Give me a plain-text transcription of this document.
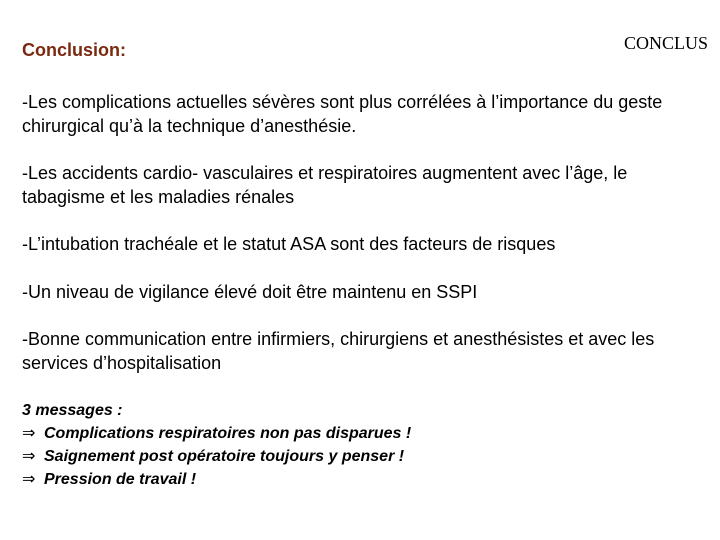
Conclusion:	CONCLUS

-Les complications actuelles sévères sont plus corrélées à l’importance du geste chirurgical qu’à la technique d’anesthésie.

-Les accidents cardio- vasculaires et respiratoires augmentent avec l’âge, le tabagisme et les maladies rénales

-L’intubation trachéale et le statut ASA sont des facteurs de risques

-Un niveau de vigilance élevé doit être maintenu en SSPI

-Bonne communication entre infirmiers, chirurgiens et anesthésistes et avec les services d’hospitalisation

3 messages :
⇒ Complications respiratoires non pas disparues !
⇒ Saignement post opératoire toujours y penser !
⇒ Pression de travail !
